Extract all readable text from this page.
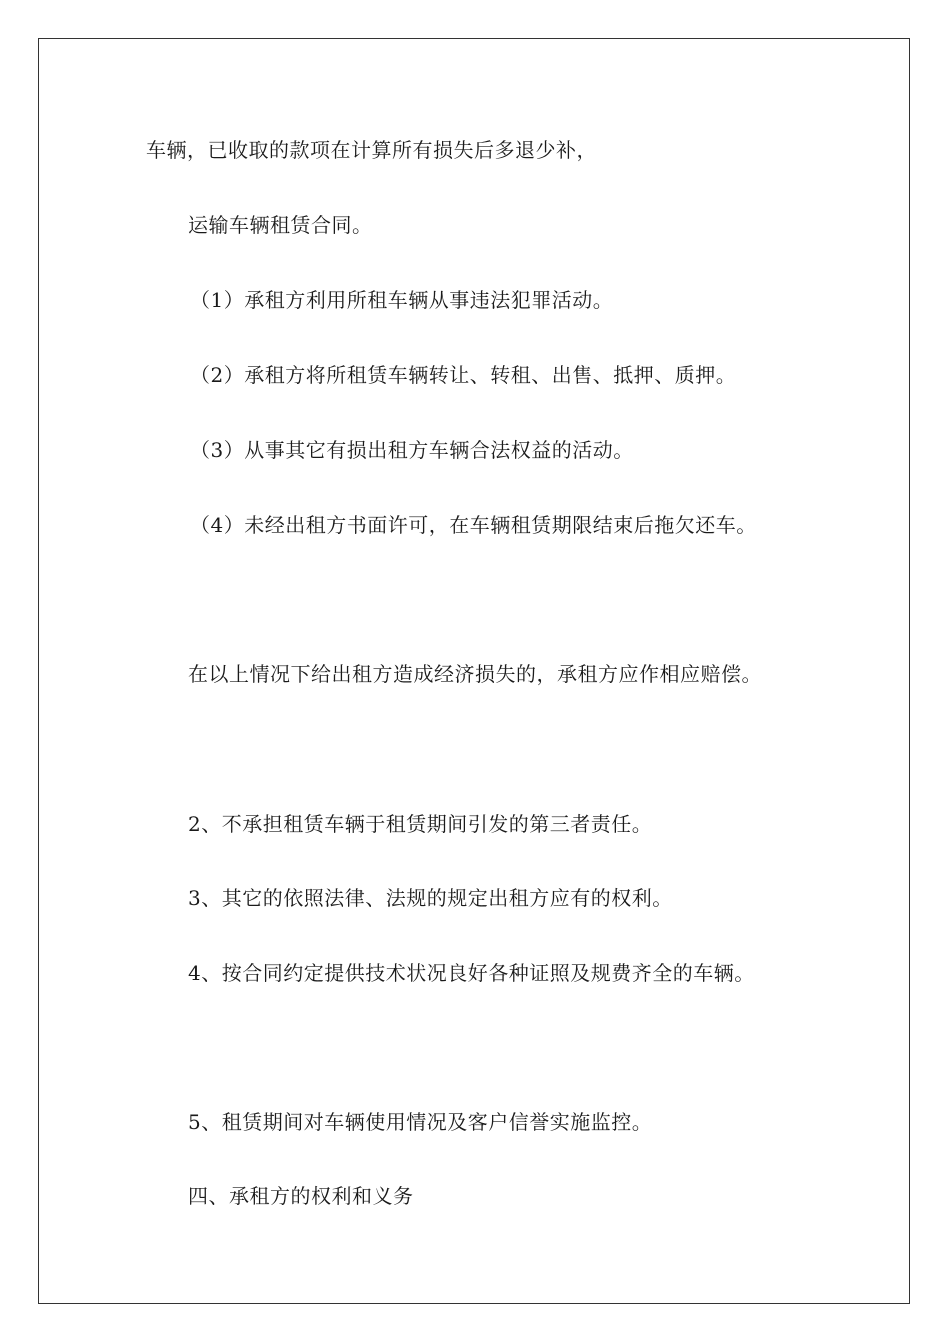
车辆，已收取的款项在计算所有损失后多退少补，
运输车辆租赁合同。
（1）承租方利用所租车辆从事违法犯罪活动。
（2）承租方将所租赁车辆转让、转租、出售、抵押、质押。
（3）从事其它有损出租方车辆合法权益的活动。
（4）未经出租方书面许可，在车辆租赁期限结束后拖欠还车。
在以上情况下给出租方造成经济损失的，承租方应作相应赔偿。
2、不承担租赁车辆于租赁期间引发的第三者责任。
3、其它的依照法律、法规的规定出租方应有的权利。
4、按合同约定提供技术状况良好各种证照及规费齐全的车辆。
5、租赁期间对车辆使用情况及客户信誉实施监控。
四、承租方的权利和义务
